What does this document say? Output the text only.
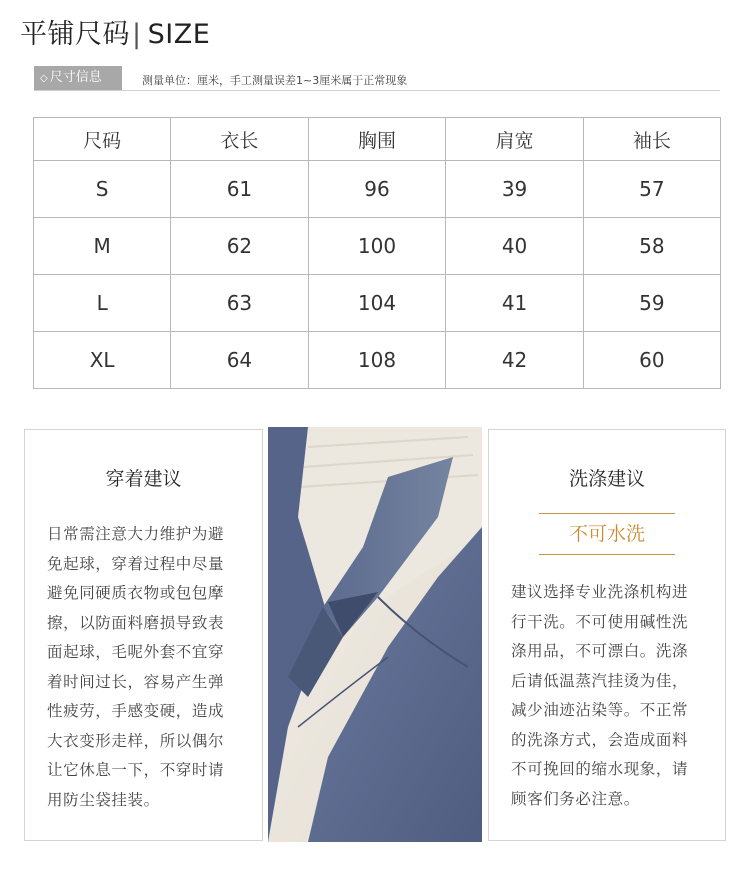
平铺尺码| SIZE
◇ 尺寸信息	测量单位：厘米，手工测量误差1~3厘米属于正常现象
尺码	衣长	胸围	肩宽	袖长
S	61	96	39	57
M	62	100	40	58
L	63	104	41	59
XL	64	108	42	60
穿着建议
日常需注意大力维护为避
免起球，穿着过程中尽量
避免同硬质衣物或包包摩
擦，以防面料磨损导致表
面起球，毛呢外套不宜穿
着时间过长，容易产生弹
性疲劳，手感变硬，造成
大衣变形走样，所以偶尔
让它休息一下，不穿时请
用防尘袋挂装。
洗涤建议
不可水洗
建议选择专业洗涤机构进
行干洗。不可使用碱性洗
涤用品，不可漂白。洗涤
后请低温蒸汽挂烫为佳，
减少油迹沾染等。不正常
的洗涤方式，会造成面料
不可挽回的缩水现象，请
顾客们务必注意。
